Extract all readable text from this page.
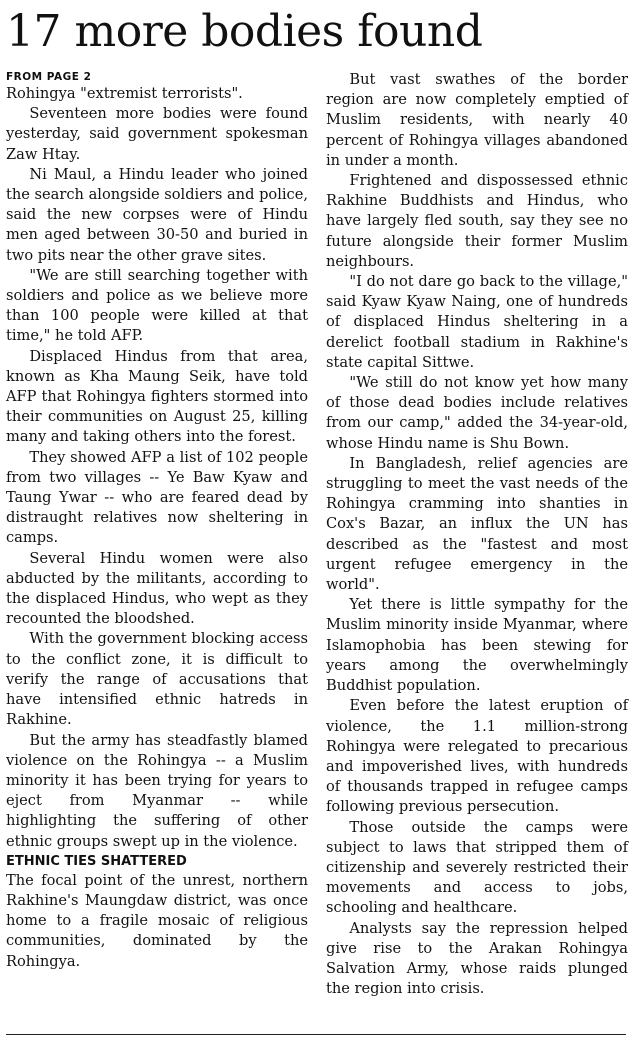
17 more bodies found
FROM PAGE 2

Rohingya "extremist terrorists".

Seventeen more bodies were found yesterday, said government spokesman Zaw Htay.

Ni Maul, a Hindu leader who joined the search alongside soldiers and police, said the new corpses were of Hindu men aged between 30-50 and buried in two pits near the other grave sites.

"We are still searching together with soldiers and police as we believe more than 100 people were killed at that time," he told AFP.

Displaced Hindus from that area, known as Kha Maung Seik, have told AFP that Rohingya fighters stormed into their communities on August 25, killing many and taking others into the forest.

They showed AFP a list of 102 people from two villages -- Ye Baw Kyaw and Taung Ywar -- who are feared dead by distraught relatives now sheltering in camps.

Several Hindu women were also abducted by the militants, according to the displaced Hindus, who wept as they recounted the bloodshed.

With the government blocking access to the conflict zone, it is difficult to verify the range of accusations that have intensified ethnic hatreds in Rakhine.

But the army has steadfastly blamed violence on the Rohingya -- a Muslim minority it has been trying for years to eject from Myanmar -- while highlighting the suffering of other ethnic groups swept up in the violence.

ETHNIC TIES SHATTERED

The focal point of the unrest, northern Rakhine's Maungdaw district, was once home to a fragile mosaic of religious communities, dominated by the Rohingya.

But vast swathes of the border region are now completely emptied of Muslim residents, with nearly 40 percent of Rohingya villages abandoned in under a month.

Frightened and dispossessed ethnic Rakhine Buddhists and Hindus, who have largely fled south, say they see no future alongside their former Muslim neighbours.

"I do not dare go back to the village," said Kyaw Kyaw Naing, one of hundreds of displaced Hindus sheltering in a derelict football stadium in Rakhine's state capital Sittwe.

"We still do not know yet how many of those dead bodies include relatives from our camp," added the 34-year-old, whose Hindu name is Shu Bown.

In Bangladesh, relief agencies are struggling to meet the vast needs of the Rohingya cramming into shanties in Cox's Bazar, an influx the UN has described as the "fastest and most urgent refugee emergency in the world".

Yet there is little sympathy for the Muslim minority inside Myanmar, where Islamophobia has been stewing for years among the overwhelmingly Buddhist population.

Even before the latest eruption of violence, the 1.1 million-strong Rohingya were relegated to precarious and impoverished lives, with hundreds of thousands trapped in refugee camps following previous persecution.

Those outside the camps were subject to laws that stripped them of citizenship and severely restricted their movements and access to jobs, schooling and healthcare.

Analysts say the repression helped give rise to the Arakan Rohingya Salvation Army, whose raids plunged the region into crisis.
